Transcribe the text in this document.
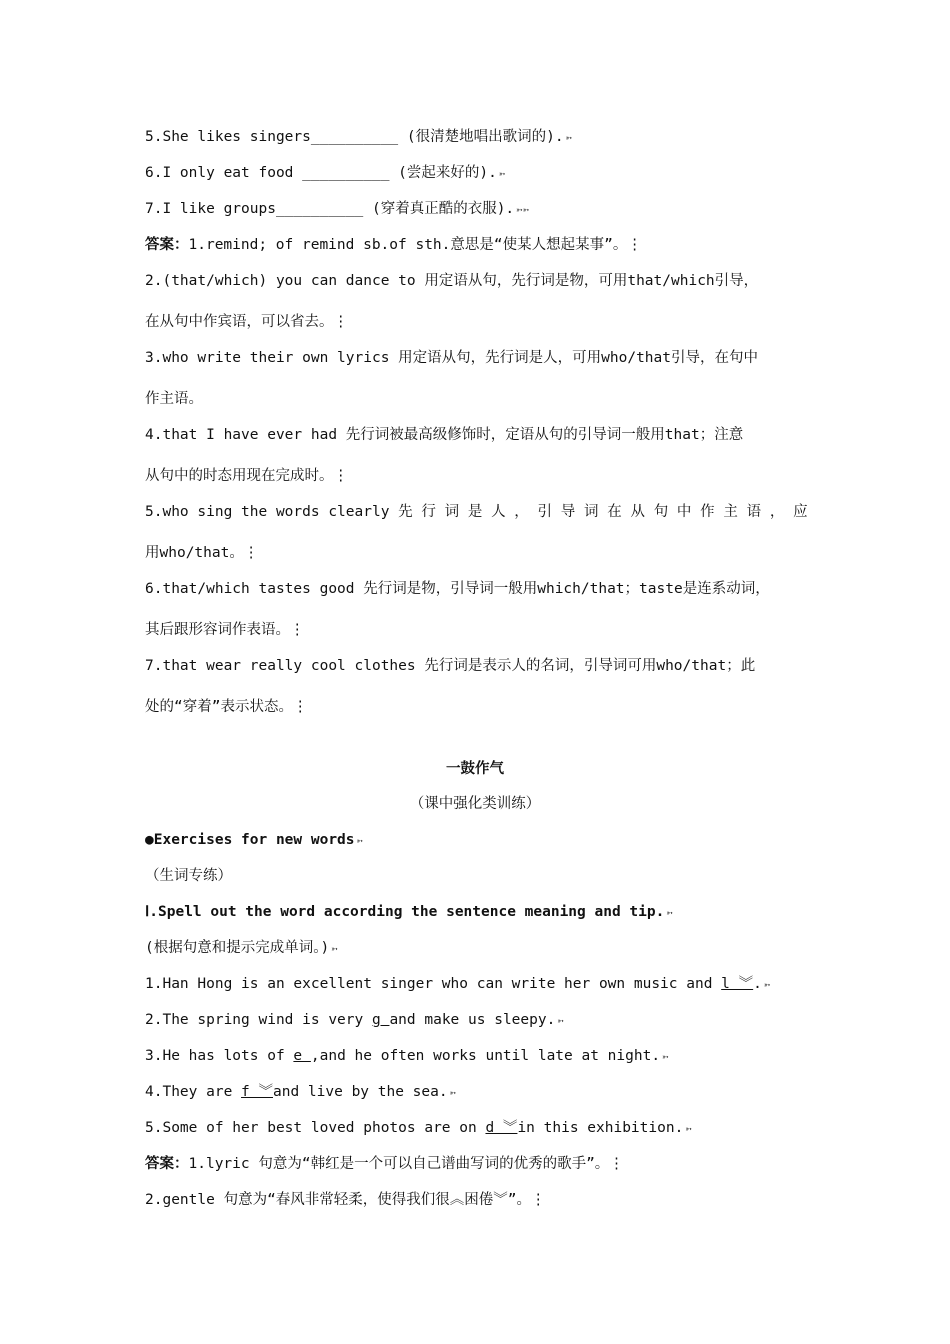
5.She likes singers__________ (很清楚地唱出歌词的). ➳
6.I only eat food __________ (尝起来好的). ➳
7.I like groups__________ (穿着真正酷的衣服). ➳➳
答案：1.remind; of remind sb.of sth.意思是“使某人想起某事”。⋮
2.(that/which) you can dance to 用定语从句，先行词是物，可用that/which引导，
在从句中作宾语，可以省去。⋮
3.who write their own lyrics 用定语从句，先行词是人，可用who/that引导，在句中
作主语。
4.that I have ever had 先行词被最高级修饰时，定语从句的引导词一般用that；注意
从句中的时态用现在完成时。⋮
5.who sing the words clearly 先 行 词 是 人 ， 引 导 词 在 从 句 中 作 主 语 ， 应
用who/that。⋮
6.that/which tastes good 先行词是物，引导词一般用which/that；taste是连系动词，
其后跟形容词作表语。⋮
7.that wear really cool clothes 先行词是表示人的名词，引导词可用who/that；此
处的“穿着”表示状态。⋮
一鼓作气
（课中强化类训练）
●Exercises for new words ➳
（生词专练）
Ⅰ.Spell out the word according the sentence meaning and tip. ➳
(根据句意和提示完成单词。) ➳
1.Han Hong is an excellent singer who can write her own music and l ︾. ➳
2.The spring wind is very g and make us sleepy. ➳
3.He has lots of e ,and he often works until late at night. ➳
4.They are f ︾and live by the sea. ➳
5.Some of her best loved photos are on d ︾in this exhibition. ➳
答案：1.lyric 句意为“韩红是一个可以自己谱曲写词的优秀的歌手”。⋮
2.gentle 句意为“春风非常轻柔，使得我们很︽困倦︾”。⋮
